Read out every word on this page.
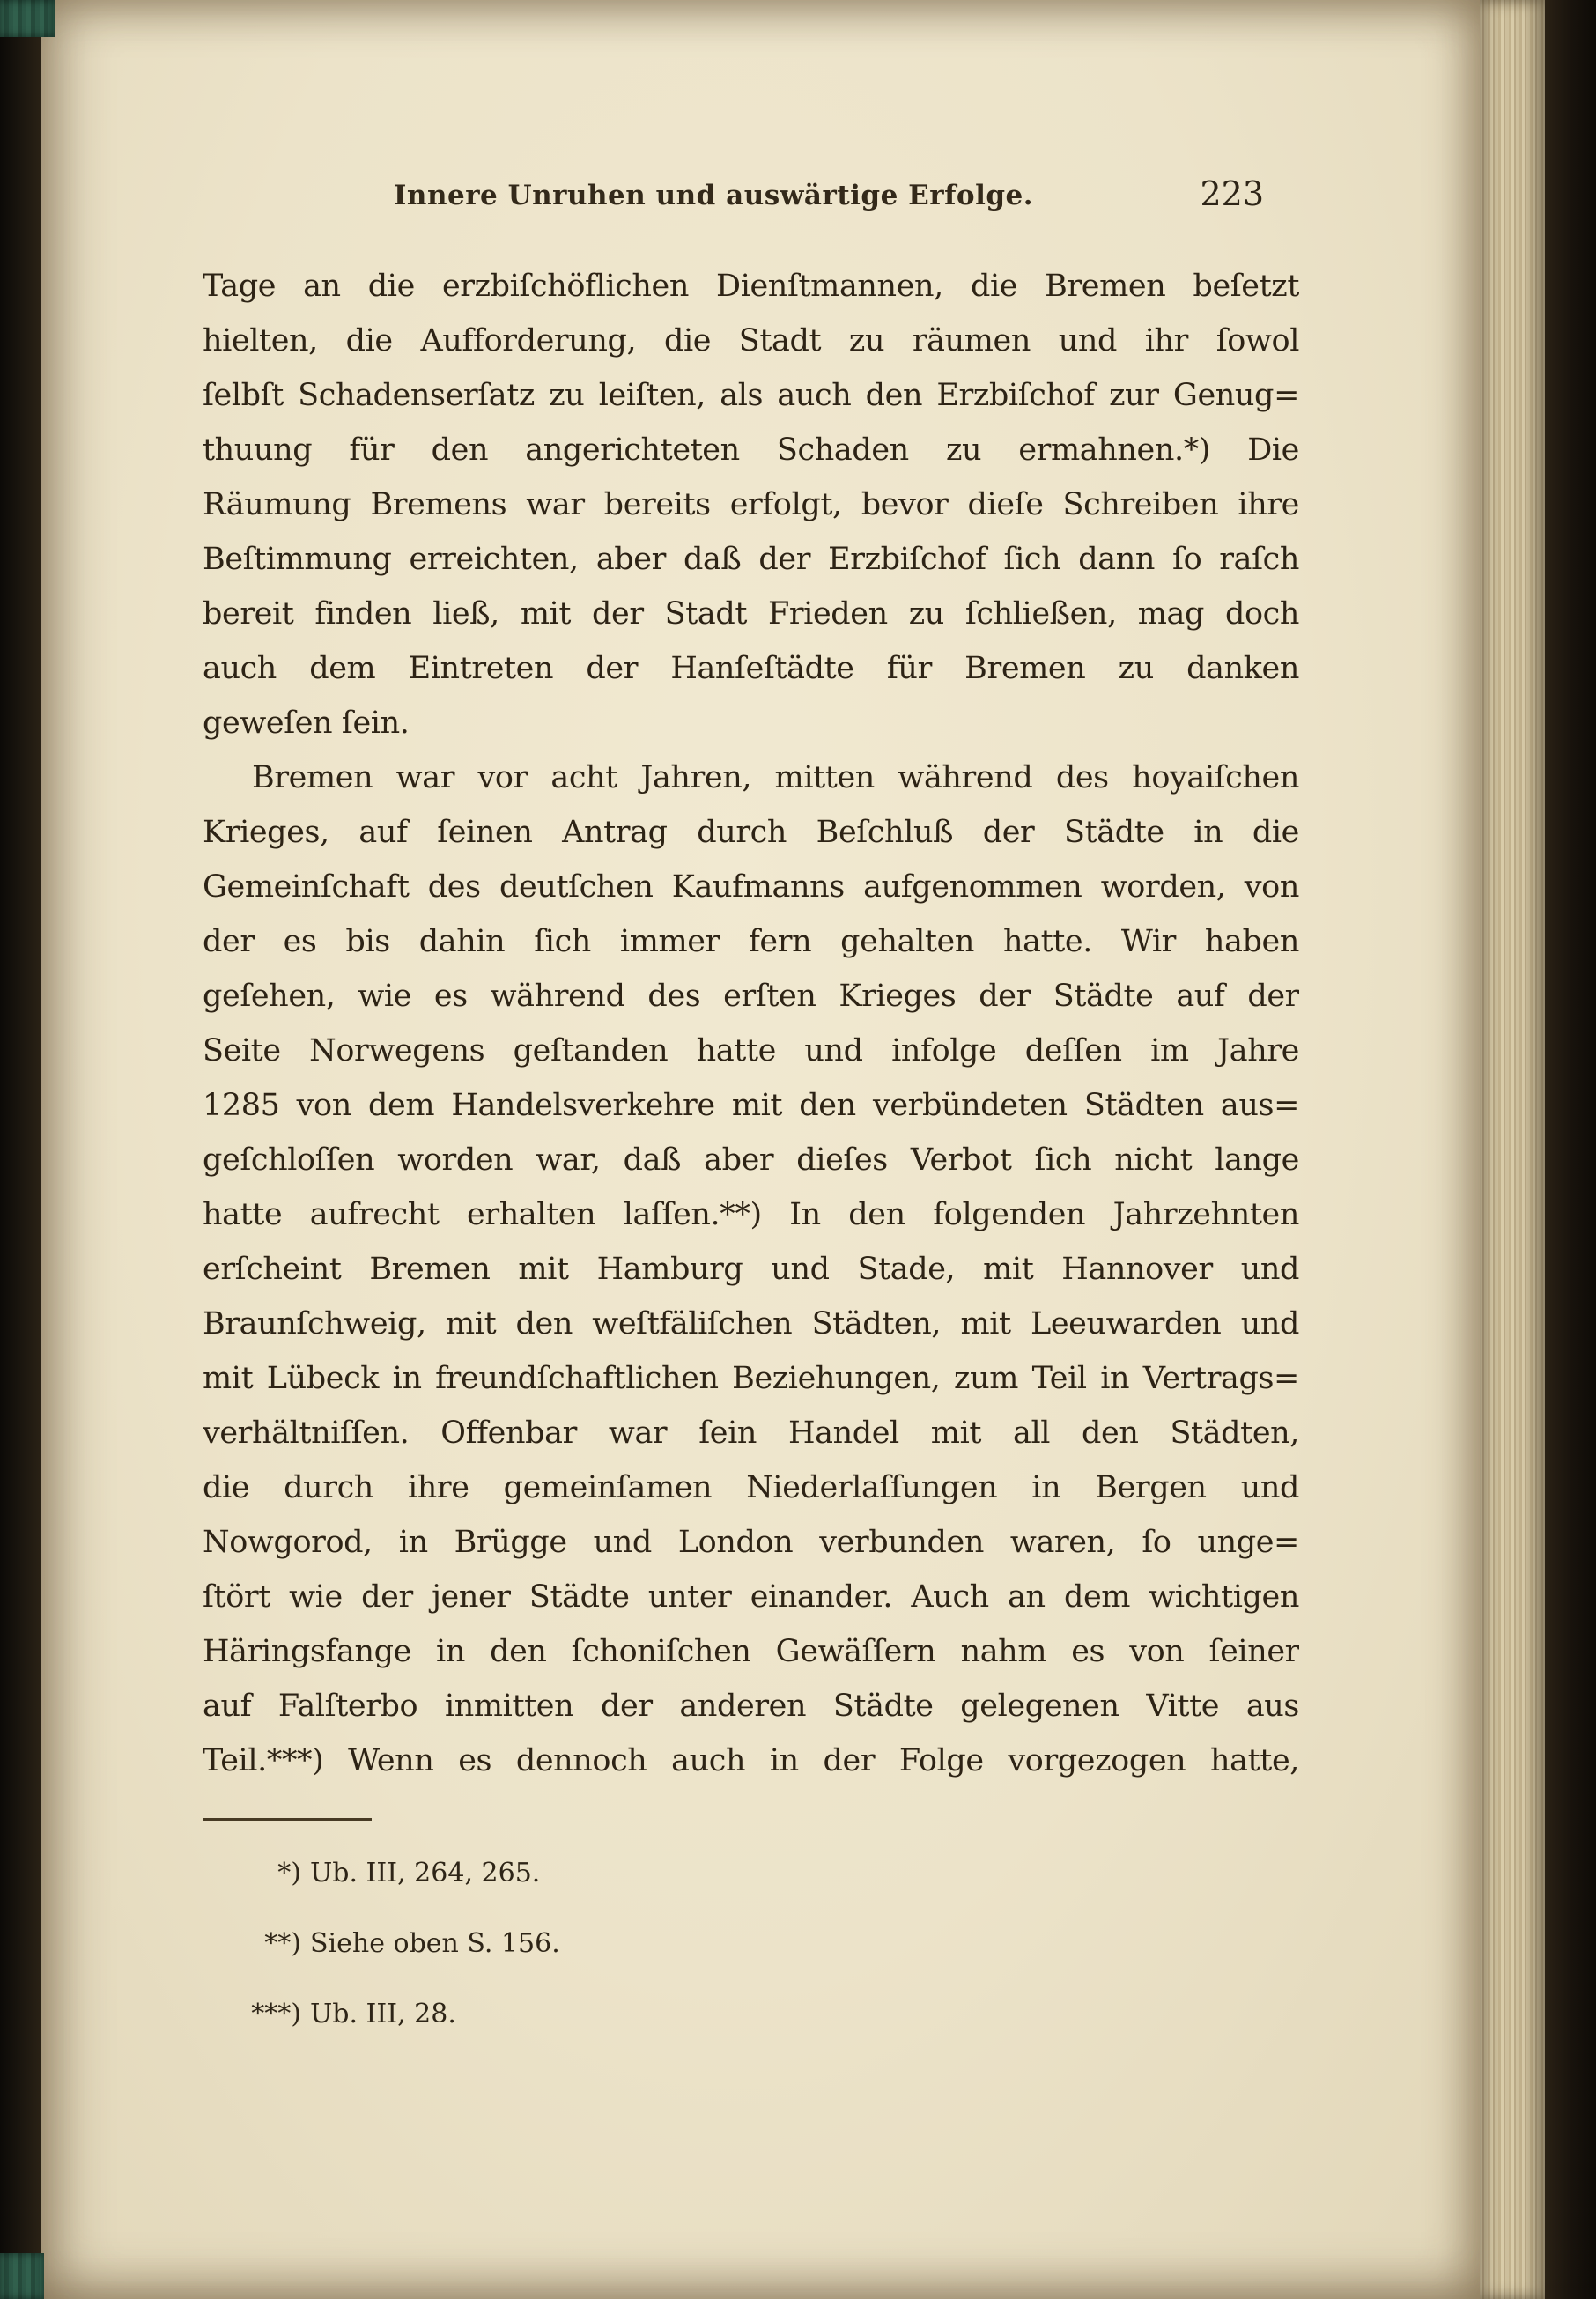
Innere Unruhen und auswärtige Erfolge.	223
Tage an die erzbiſchöflichen Dienſtmannen, die Bremen beſetzt
hielten, die Aufforderung, die Stadt zu räumen und ihr ſowol
ſelbſt Schadenserſatz zu leiſten, als auch den Erzbiſchof zur Genug=
thuung für den angerichteten Schaden zu ermahnen.*) Die
Räumung Bremens war bereits erfolgt, bevor dieſe Schreiben ihre
Beſtimmung erreichten, aber daß der Erzbiſchof ſich dann ſo raſch
bereit finden ließ, mit der Stadt Frieden zu ſchließen, mag doch
auch dem Eintreten der Hanſeſtädte für Bremen zu danken
geweſen ſein.
Bremen war vor acht Jahren, mitten während des hoyaiſchen
Krieges, auf ſeinen Antrag durch Beſchluß der Städte in die
Gemeinſchaft des deutſchen Kaufmanns aufgenommen worden, von
der es bis dahin ſich immer fern gehalten hatte. Wir haben
geſehen, wie es während des erſten Krieges der Städte auf der
Seite Norwegens geſtanden hatte und infolge deſſen im Jahre
1285 von dem Handelsverkehre mit den verbündeten Städten aus=
geſchloſſen worden war, daß aber dieſes Verbot ſich nicht lange
hatte aufrecht erhalten laſſen.**) In den folgenden Jahrzehnten
erſcheint Bremen mit Hamburg und Stade, mit Hannover und
Braunſchweig, mit den weſtfäliſchen Städten, mit Leeuwarden und
mit Lübeck in freundſchaftlichen Beziehungen, zum Teil in Vertrags=
verhältniſſen. Offenbar war ſein Handel mit all den Städten,
die durch ihre gemeinſamen Niederlaſſungen in Bergen und
Nowgorod, in Brügge und London verbunden waren, ſo unge=
ſtört wie der jener Städte unter einander. Auch an dem wichtigen
Häringsfange in den ſchoniſchen Gewäſſern nahm es von ſeiner
auf Falſterbo inmitten der anderen Städte gelegenen Vitte aus
Teil.***) Wenn es dennoch auch in der Folge vorgezogen hatte,
*) Ub. III, 264, 265.
**) Siehe oben S. 156.
***) Ub. III, 28.
